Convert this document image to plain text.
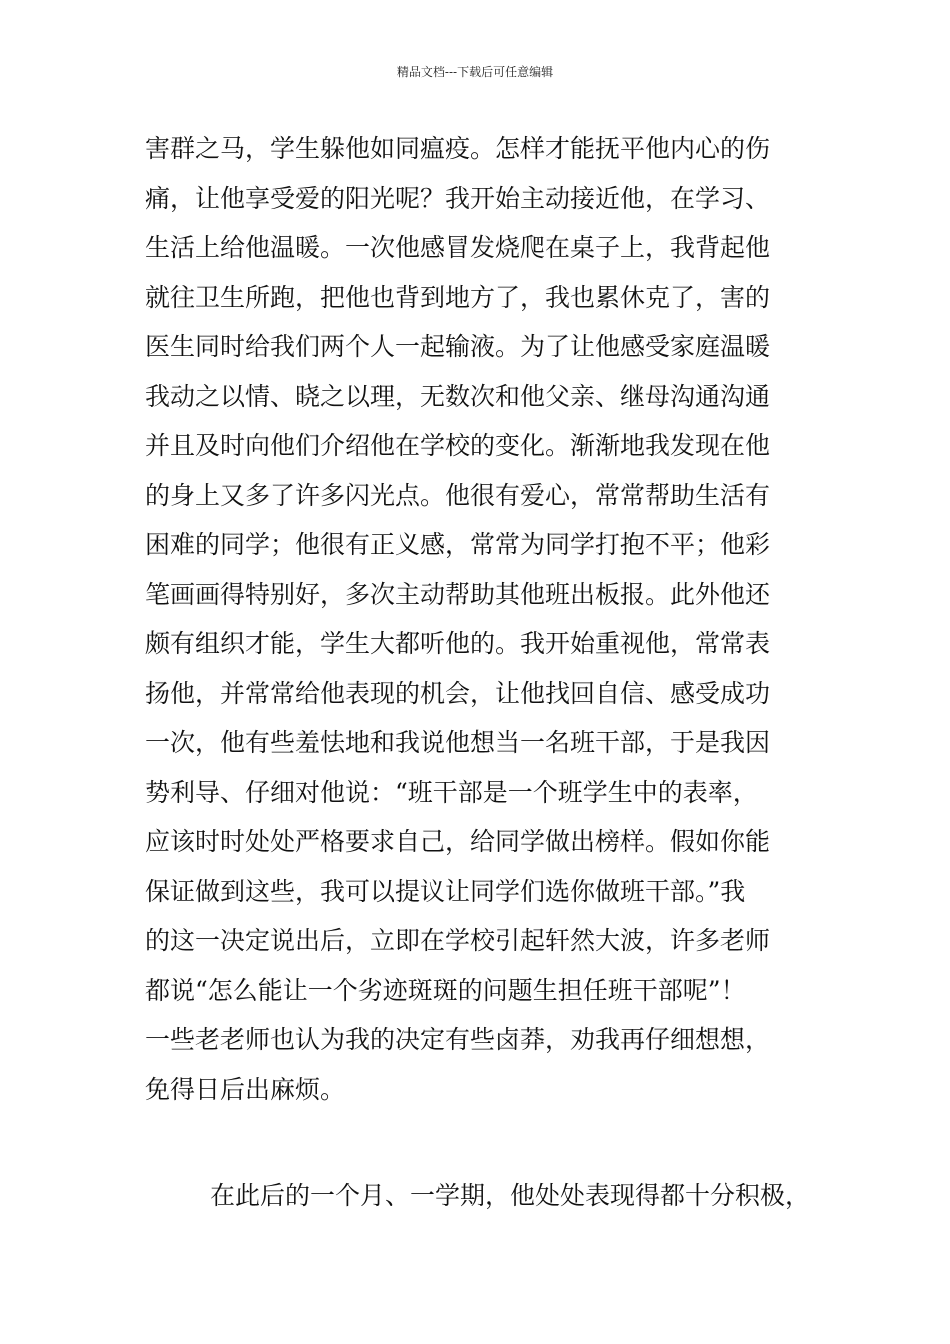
精品文档---下载后可任意编辑
害群之马，学生躲他如同瘟疫。怎样才能抚平他内心的伤
痛，让他享受爱的阳光呢？我开始主动接近他，在学习、
生活上给他温暖。一次他感冒发烧爬在桌子上，我背起他
就往卫生所跑，把他也背到地方了，我也累休克了，害的
医生同时给我们两个人一起输液。为了让他感受家庭温暖
我动之以情、晓之以理，无数次和他父亲、继母沟通沟通
并且及时向他们介绍他在学校的变化。渐渐地我发现在他
的身上又多了许多闪光点。他很有爱心，常常帮助生活有
困难的同学；他很有正义感，常常为同学打抱不平；他彩
笔画画得特别好，多次主动帮助其他班出板报。此外他还
颇有组织才能，学生大都听他的。我开始重视他，常常表
扬他，并常常给他表现的机会，让他找回自信、感受成功
一次，他有些羞怯地和我说他想当一名班干部，于是我因
势利导、仔细对他说：“班干部是一个班学生中的表率，
应该时时处处严格要求自己，给同学做出榜样。假如你能
保证做到这些，我可以提议让同学们选你做班干部。”我
的这一决定说出后，立即在学校引起轩然大波，许多老师
都说“怎么能让一个劣迹斑斑的问题生担任班干部呢”！
一些老老师也认为我的决定有些卤莽，劝我再仔细想想，
免得日后出麻烦。
在此后的一个月、一学期，他处处表现得都十分积极，
